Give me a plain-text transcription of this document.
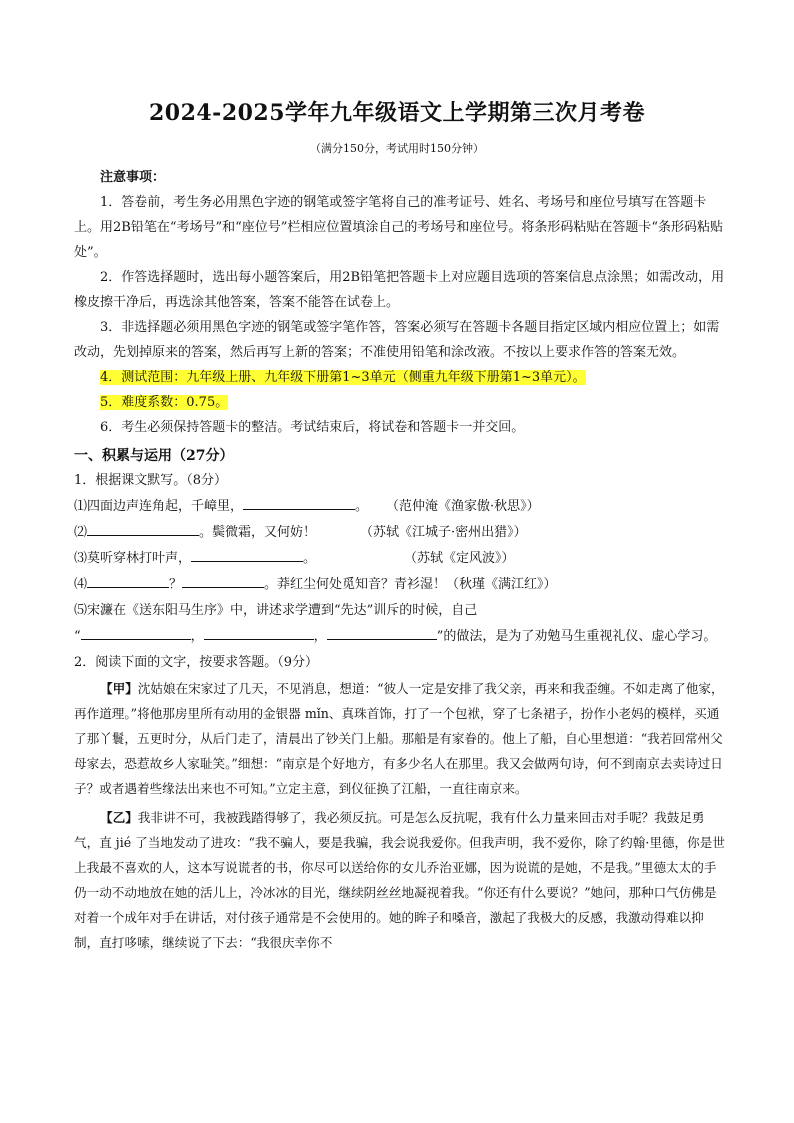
2024-2025学年九年级语文上学期第三次月考卷
（满分150分，考试用时150分钟）

注意事项：

1．答卷前，考生务必用黑色字迹的钢笔或签字笔将自己的准考证号、姓名、考场号和座位号填写在答题卡上。用2B铅笔在“考场号”和“座位号”栏相应位置填涂自己的考场号和座位号。将条形码粘贴在答题卡“条形码粘贴处”。

2．作答选择题时，选出每小题答案后，用2B铅笔把答题卡上对应题目选项的答案信息点涂黑；如需改动，用橡皮擦干净后，再选涂其他答案，答案不能答在试卷上。

3．非选择题必须用黑色字迹的钢笔或签字笔作答，答案必须写在答题卡各题目指定区域内相应位置上；如需改动，先划掉原来的答案，然后再写上新的答案；不准使用铅笔和涂改液。不按以上要求作答的答案无效。

4．测试范围：九年级上册、九年级下册第1~3单元（侧重九年级下册第1~3单元）。

5．难度系数：0.75。

6．考生必须保持答题卡的整洁。考试结束后，将试卷和答题卡一并交回。

一、积累与运用（27分）
1．根据课文默写。（8分）
⑴四面边声连角起，千嶂里，	。 （范仲淹《渔家傲·秋思》）
⑵	。鬓微霜，又何妨！	（苏轼《江城子·密州出猎》）
⑶莫听穿林打叶声，	。	（苏轼《定风波》）
⑷	？	。莽红尘何处觅知音？青衫湿！（秋瑾《满江红》）
⑸宋濂在《送东阳马生序》中，讲述求学遭到“先达”训斥的时候，自己
“	，	，	”的做法，是为了劝勉马生重视礼仪、虚心学习。
2．阅读下面的文字，按要求答题。（9分）

【甲】沈姑娘在宋家过了几天，不见消息，想道：“彼人一定是安排了我父亲，再来和我歪缠。不如走离了他家，再作道理。”将他那房里所有动用的金银器 mǐn、真珠首饰，打了一个包袱，穿了七条裙子，扮作小老妈的模样，买通了那丫鬟，五更时分，从后门走了，清晨出了钞关门上船。那船是有家眷的。他上了船，自心里想道：“我若回常州父母家去，恐惹故乡人家耻笑。”细想：“南京是个好地方，有多少名人在那里。我又会做两句诗，何不到南京去卖诗过日子？或者遇着些缘法出来也不可知。”立定主意，到仪征换了江船，一直往南京来。

【乙】我非讲不可，我被践踏得够了，我必须反抗。可是怎么反抗呢，我有什么力量来回击对手呢？我鼓足勇气，直 jié 了当地发动了进攻：“我不骗人，要是我骗，我会说我爱你。但我声明，我不爱你，除了约翰·里德，你是世上我最不喜欢的人，这本写说谎者的书，你尽可以送给你的女儿乔治亚娜，因为说谎的是她，不是我。”里德太太的手仍一动不动地放在她的活儿上，冷冰冰的目光，继续阴丝丝地凝视着我。“你还有什么要说？”她问，那种口气仿佛是对着一个成年对手在讲话，对付孩子通常是不会使用的。她的眸子和嗓音，激起了我极大的反感，我激动得难以抑制，直打哆嗦，继续说了下去：“我很庆幸你不
